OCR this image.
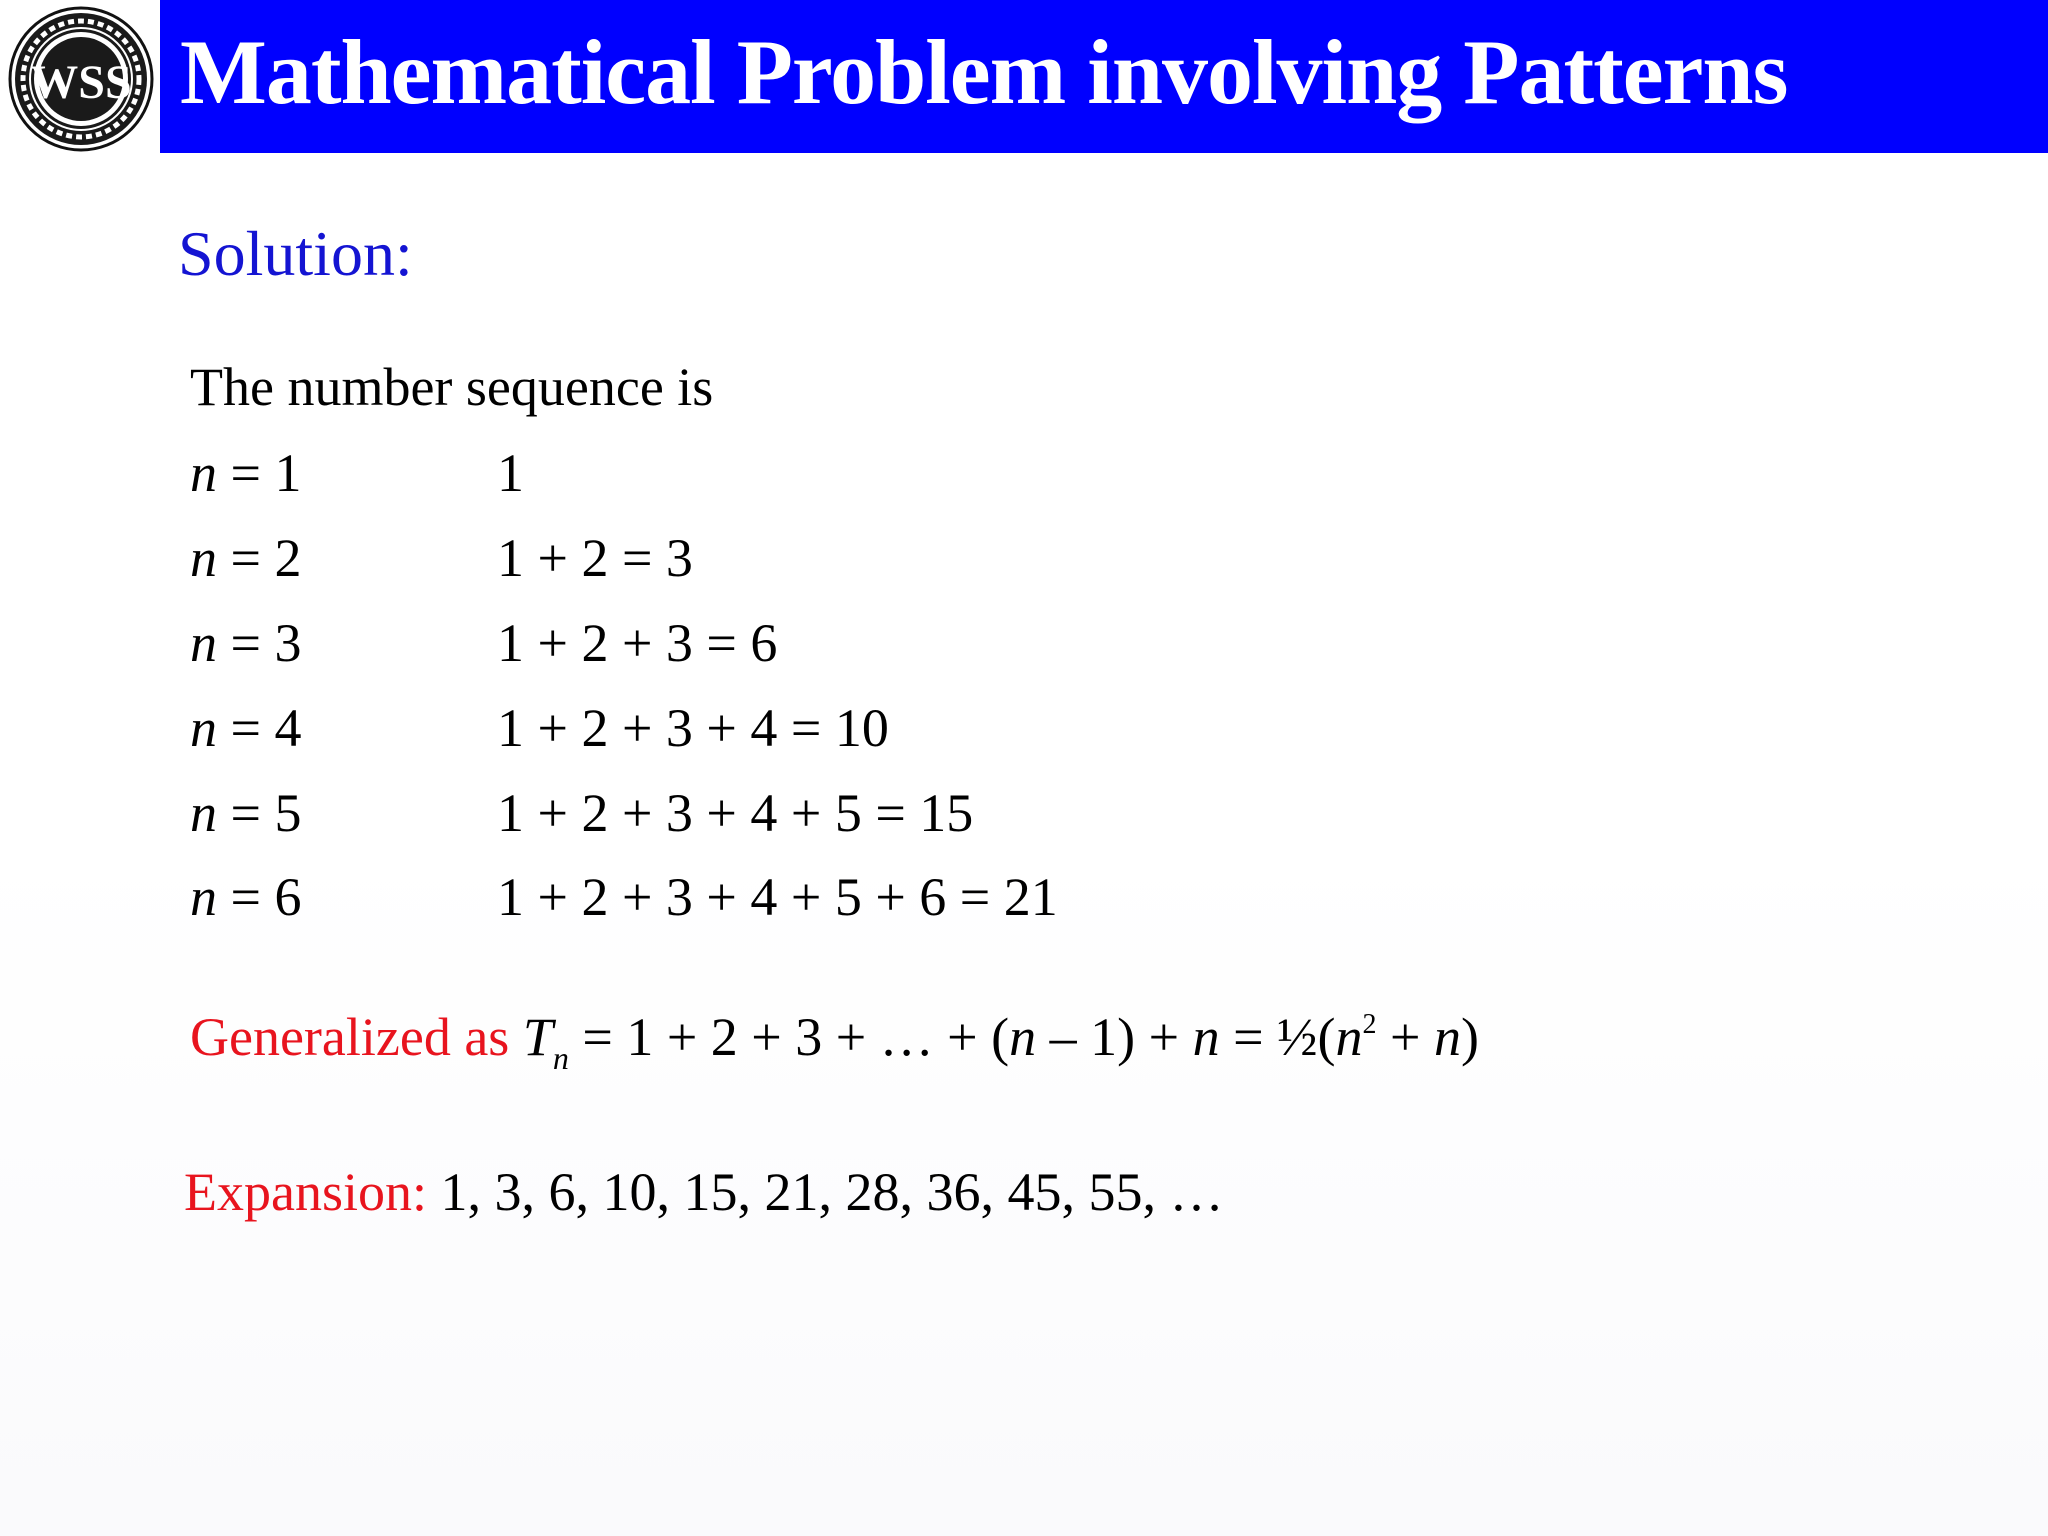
WSS Mathematical Problem involving Patterns
Solution:
The number sequence is
n = 1	1
n = 2	1 + 2 = 3
n = 3	1 + 2 + 3 = 6
n = 4	1 + 2 + 3 + 4 = 10
n = 5	1 + 2 + 3 + 4 + 5 = 15
n = 6	1 + 2 + 3 + 4 + 5 + 6 = 21
Generalized as $T_n = 1 + 2 + 3$ + … + $(n - 1) + n = \frac{1}{2}(n^2 + n)$
Expansion: 1, 3, 6, 10, 15, 21, 28, 36, 45, 55, …
